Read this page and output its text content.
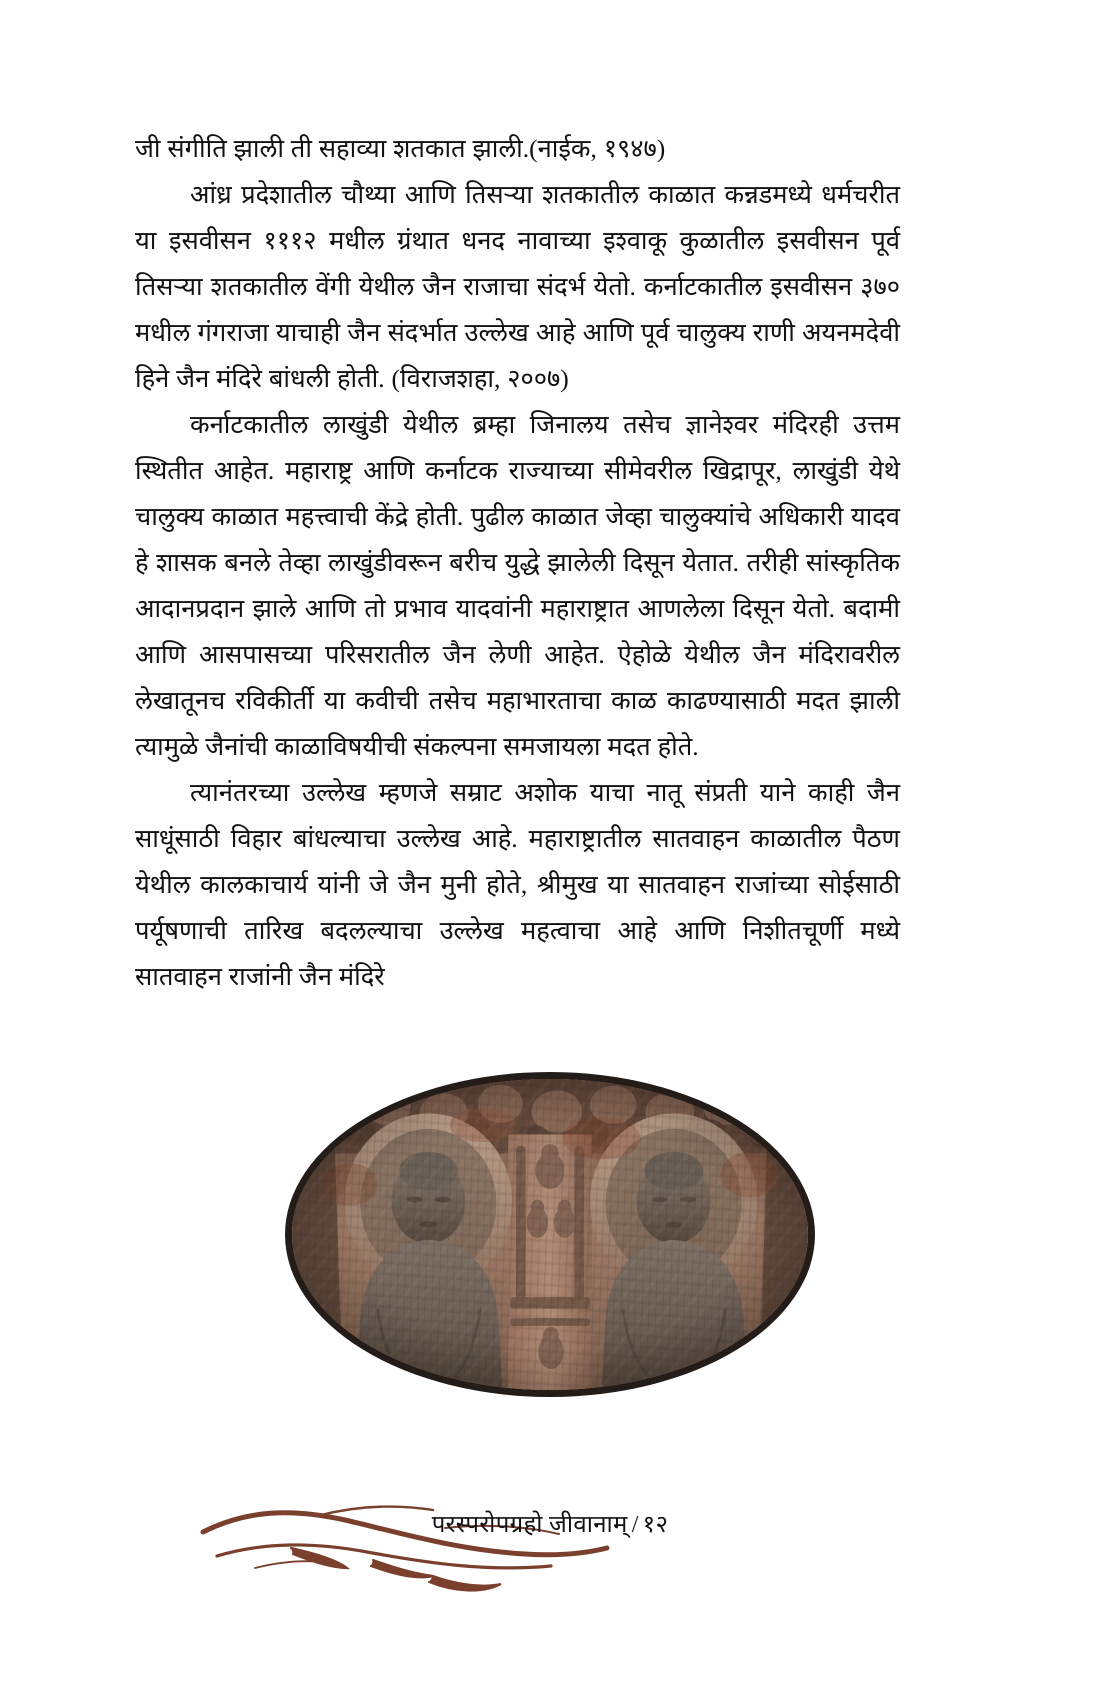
जी संगीति झाली ती सहाव्या शतकात झाली.(नाईक, १९४७)

आंध्र प्रदेशातील चौथ्या आणि तिसऱ्या शतकातील काळात कन्नडमध्ये धर्मचरीत या इसवीसन १११२ मधील ग्रंथात धनद नावाच्या इश्वाकू कुळातील इसवीसन पूर्व तिसऱ्या शतकातील वेंगी येथील जैन राजाचा संदर्भ येतो. कर्नाटकातील इसवीसन ३७० मधील गंगराजा याचाही जैन संदर्भात उल्लेख आहे आणि पूर्व चालुक्य राणी अयनमदेवी हिने जैन मंदिरे बांधली होती. (विराजशहा, २००७)

कर्नाटकातील लाखुंडी येथील ब्रम्हा जिनालय तसेच ज्ञानेश्वर मंदिरही उत्तम स्थितीत आहेत. महाराष्ट्र आणि कर्नाटक राज्याच्या सीमेवरील खिद्रापूर, लाखुंडी येथे चालुक्य काळात महत्त्वाची केंद्रे होती. पुढील काळात जेव्हा चालुक्यांचे अधिकारी यादव हे शासक बनले तेव्हा लाखुंडीवरून बरीच युद्धे झालेली दिसून येतात. तरीही सांस्कृतिक आदानप्रदान झाले आणि तो प्रभाव यादवांनी महाराष्ट्रात आणलेला दिसून येतो. बदामी आणि आसपासच्या परिसरातील जैन लेणी आहेत. ऐहोळे येथील जैन मंदिरावरील लेखातूनच रविकीर्ती या कवीची तसेच महाभारताचा काळ काढण्यासाठी मदत झाली त्यामुळे जैनांची काळाविषयीची संकल्पना समजायला मदत होते.

त्यानंतरच्या उल्लेख म्हणजे सम्राट अशोक याचा नातू संप्रती याने काही जैन साधूंसाठी विहार बांधल्याचा उल्लेख आहे. महाराष्ट्रातील सातवाहन काळातील पैठण येथील कालकाचार्य यांनी जे जैन मुनी होते, श्रीमुख या सातवाहन राजांच्या सोईसाठी पर्यूषणाची तारिख बदलल्याचा उल्लेख महत्वाचा आहे आणि निशीतचूर्णी मध्ये सातवाहन राजांनी जैन मंदिरे

परस्परोपग्रहो जीवानाम् / १२
